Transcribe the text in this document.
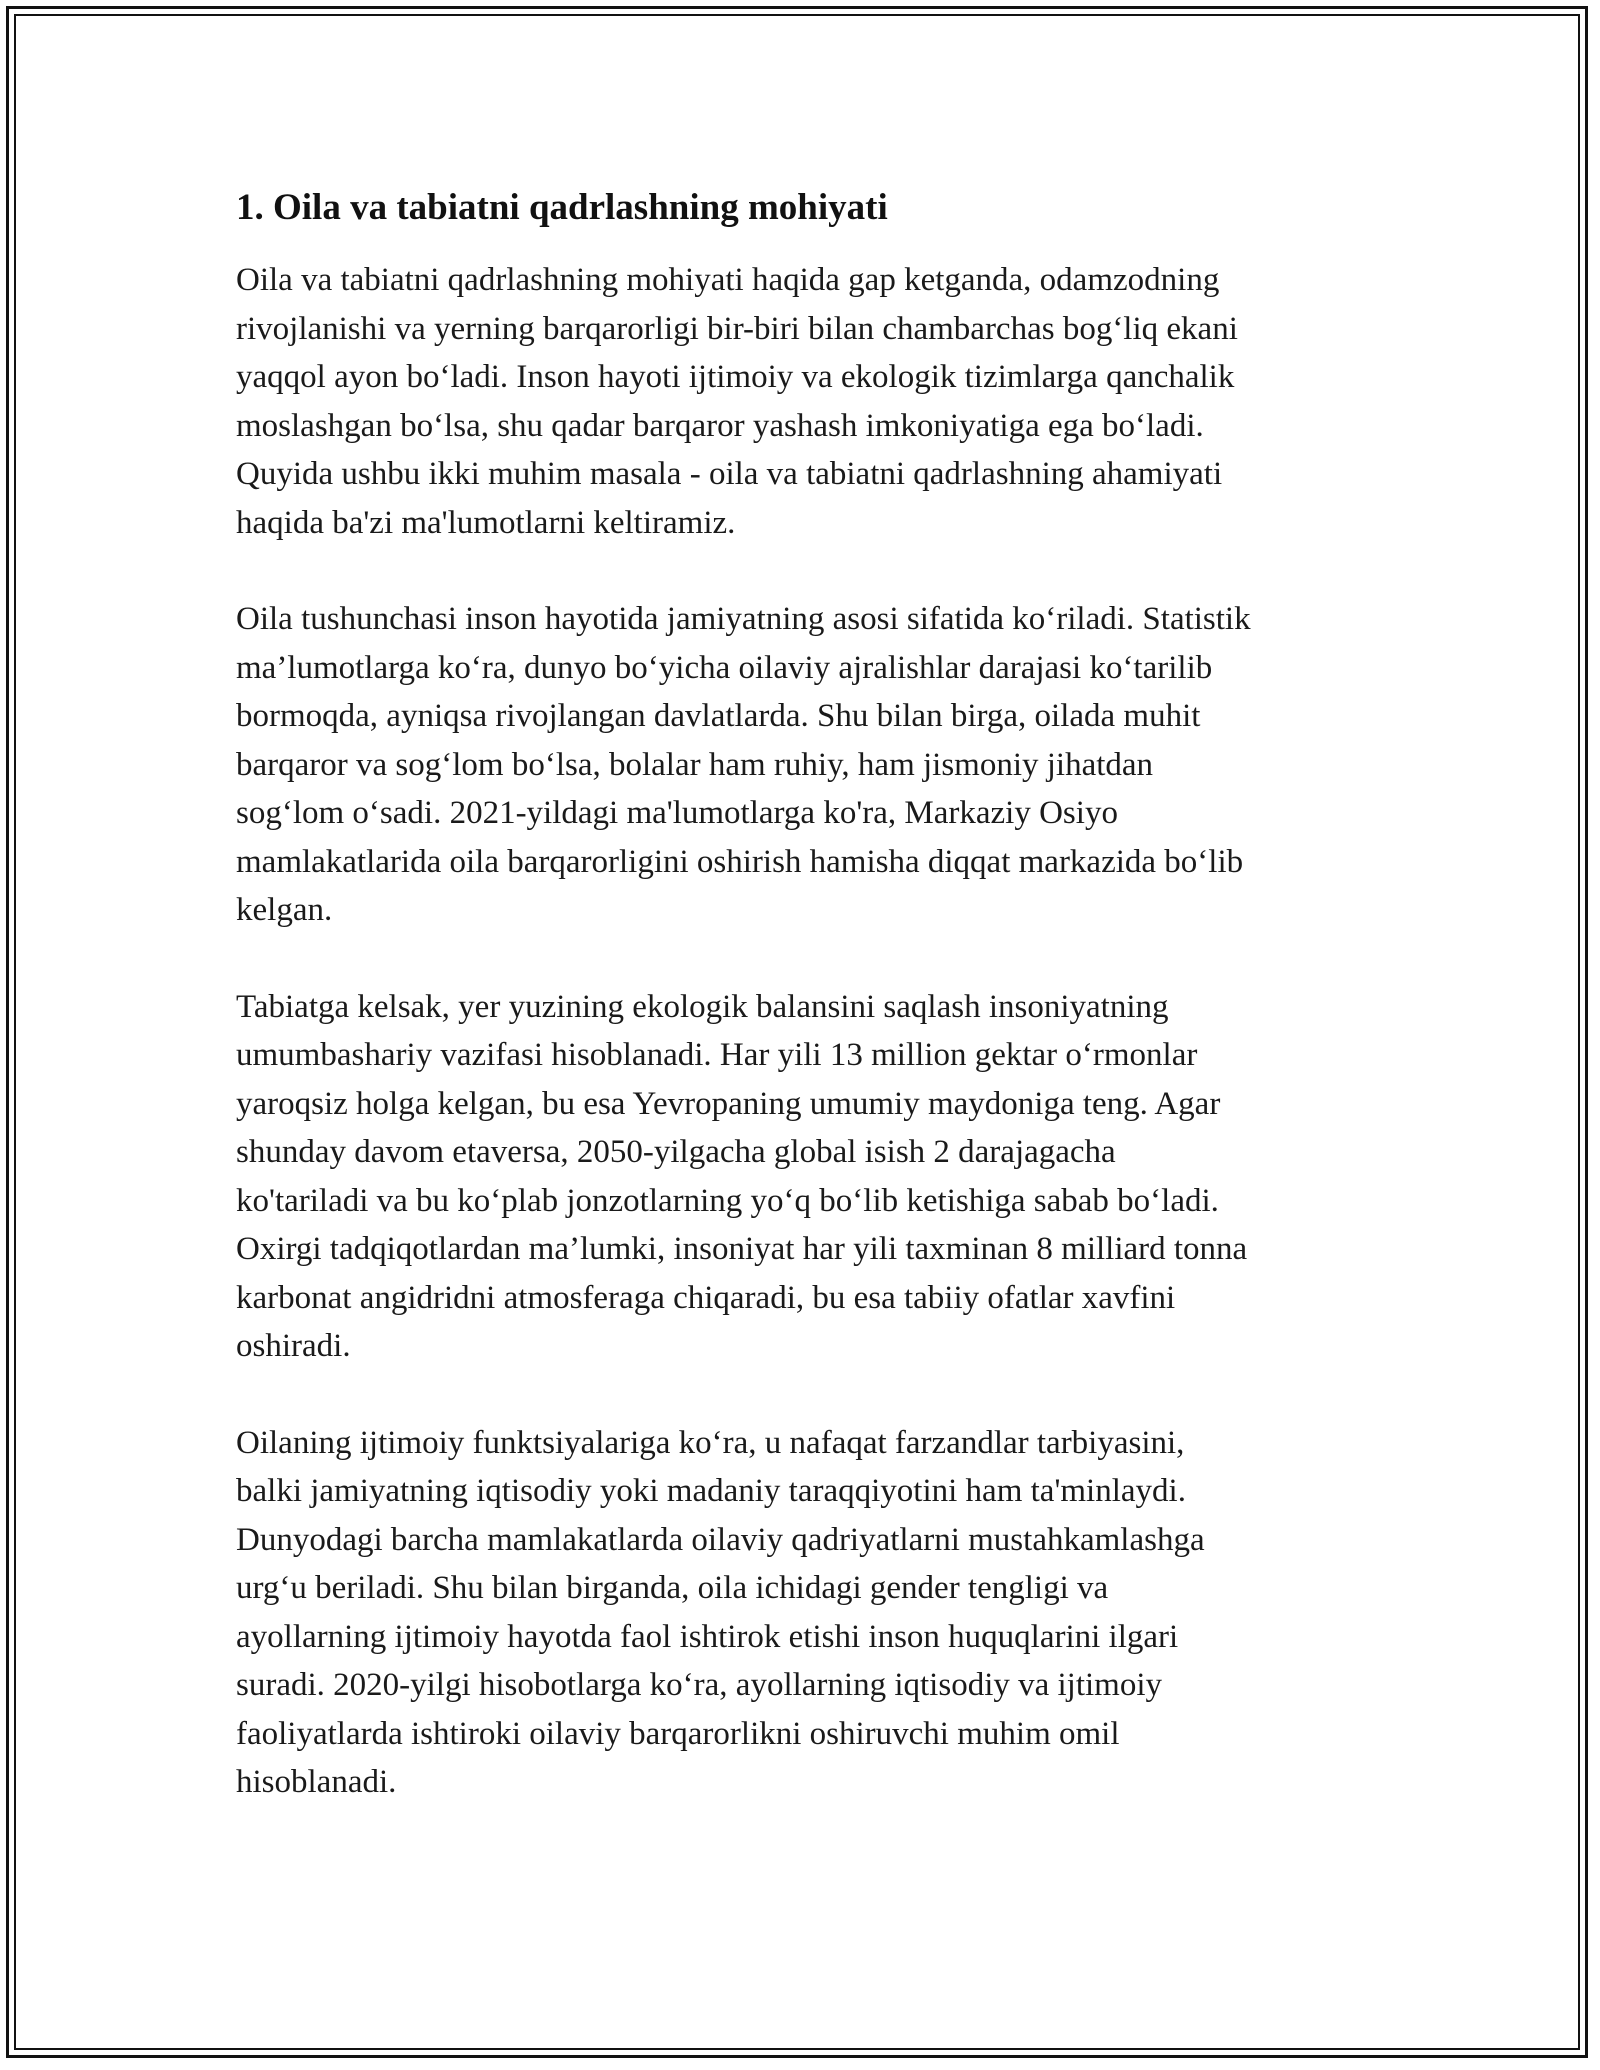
1. Oila va tabiatni qadrlashning mohiyati

Oila va tabiatni qadrlashning mohiyati haqida gap ketganda, odamzodning
rivojlanishi va yerning barqarorligi bir-biri bilan chambarchas bog‘liq ekani
yaqqol ayon bo‘ladi. Inson hayoti ijtimoiy va ekologik tizimlarga qanchalik
moslashgan bo‘lsa, shu qadar barqaror yashash imkoniyatiga ega bo‘ladi.
Quyida ushbu ikki muhim masala - oila va tabiatni qadrlashning ahamiyati
haqida ba'zi ma'lumotlarni keltiramiz.

Oila tushunchasi inson hayotida jamiyatning asosi sifatida ko‘riladi. Statistik
ma’lumotlarga ko‘ra, dunyo bo‘yicha oilaviy ajralishlar darajasi ko‘tarilib
bormoqda, ayniqsa rivojlangan davlatlarda. Shu bilan birga, oilada muhit
barqaror va sog‘lom bo‘lsa, bolalar ham ruhiy, ham jismoniy jihatdan
sog‘lom o‘sadi. 2021-yildagi ma'lumotlarga ko'ra, Markaziy Osiyo
mamlakatlarida oila barqarorligini oshirish hamisha diqqat markazida bo‘lib
kelgan.

Tabiatga kelsak, yer yuzining ekologik balansini saqlash insoniyatning
umumbashariy vazifasi hisoblanadi. Har yili 13 million gektar o‘rmonlar
yaroqsiz holga kelgan, bu esa Yevropaning umumiy maydoniga teng. Agar
shunday davom etaversa, 2050-yilgacha global isish 2 darajagacha
ko'tariladi va bu ko‘plab jonzotlarning yo‘q bo‘lib ketishiga sabab bo‘ladi.
Oxirgi tadqiqotlardan ma’lumki, insoniyat har yili taxminan 8 milliard tonna
karbonat angidridni atmosferaga chiqaradi, bu esa tabiiy ofatlar xavfini
oshiradi.

Oilaning ijtimoiy funktsiyalariga ko‘ra, u nafaqat farzandlar tarbiyasini,
balki jamiyatning iqtisodiy yoki madaniy taraqqiyotini ham ta'minlaydi.
Dunyodagi barcha mamlakatlarda oilaviy qadriyatlarni mustahkamlashga
urg‘u beriladi. Shu bilan birganda, oila ichidagi gender tengligi va
ayollarning ijtimoiy hayotda faol ishtirok etishi inson huquqlarini ilgari
suradi. 2020-yilgi hisobotlarga ko‘ra, ayollarning iqtisodiy va ijtimoiy
faoliyatlarda ishtiroki oilaviy barqarorlikni oshiruvchi muhim omil
hisoblanadi.
